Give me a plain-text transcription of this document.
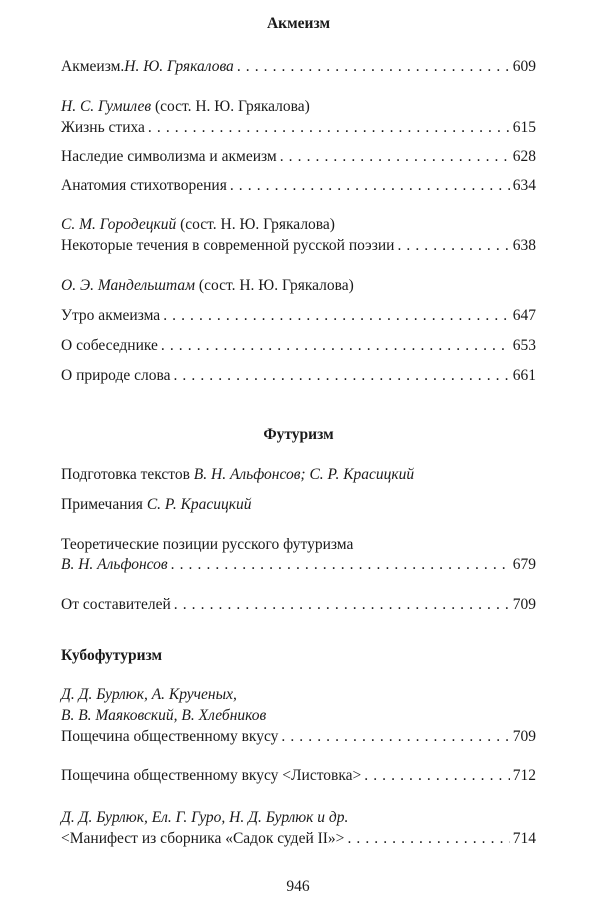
Акмеизм
Акмеизм. Н. Ю. Грякалова . . .	609
Н. С. Гумилев (сост. Н. Ю. Грякалова)
Жизнь стиха . . .	615
Наследие символизма и акмеизм . . .	628
Анатомия стихотворения . . .	634
С. М. Городецкий (сост. Н. Ю. Грякалова)
Некоторые течения в современной русской поэзии . . .	638
О. Э. Мандельштам (сост. Н. Ю. Грякалова)
Утро акмеизма . . .	647
О собеседнике . . .	653
О природе слова . . .	661
Футуризм
Подготовка текстов В. Н. Альфонсов; С. Р. Красицкий
Примечания С. Р. Красицкий
Теоретические позиции русского футуризма
В. Н. Альфонсов . . .	679
От составителей . . .	709
Кубофутуризм
Д. Д. Бурлюк, А. Крученых,
В. В. Маяковский, В. Хлебников
Пощечина общественному вкусу . . .	709
Пощечина общественному вкусу <Листовка> . . .	712
Д. Д. Бурлюк, Ел. Г. Гуро, Н. Д. Бурлюк и др.
<Манифест из сборника «Садок судей II»> . . .	714
946
